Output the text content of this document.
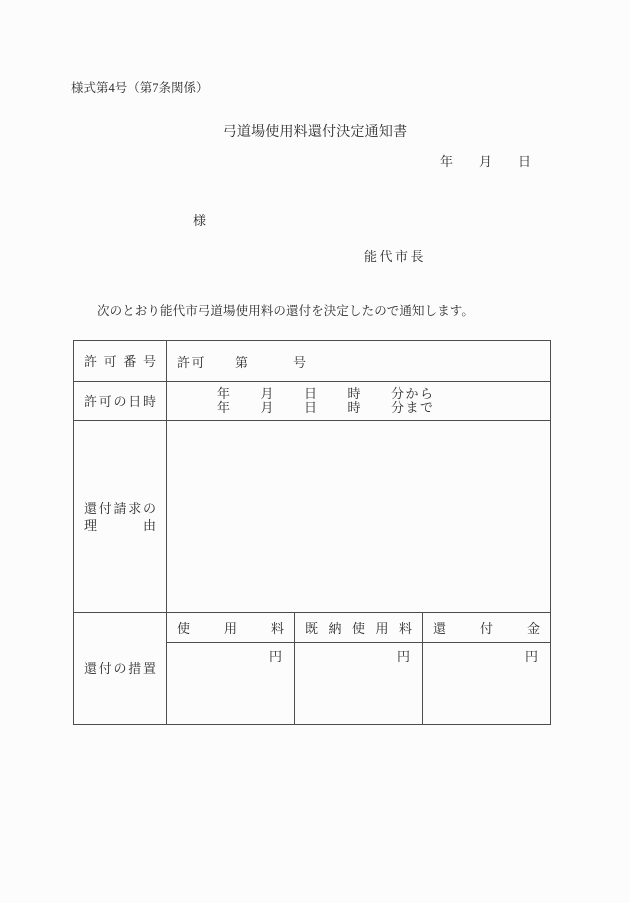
様式第4号（第7条関係）
弓道場使用料還付決定通知書
年　　月　　日
様
能代市長
次のとおり能代市弓道場使用料の還付を決定したので通知します。
許可番号	許可　　第　　　号
許可の日時	年　　月　　日　　時　　分から
年　　月　　日　　時　　分まで
還付請求の理由
還付の措置
使用料
円
既納使用料
円
還付金
円
